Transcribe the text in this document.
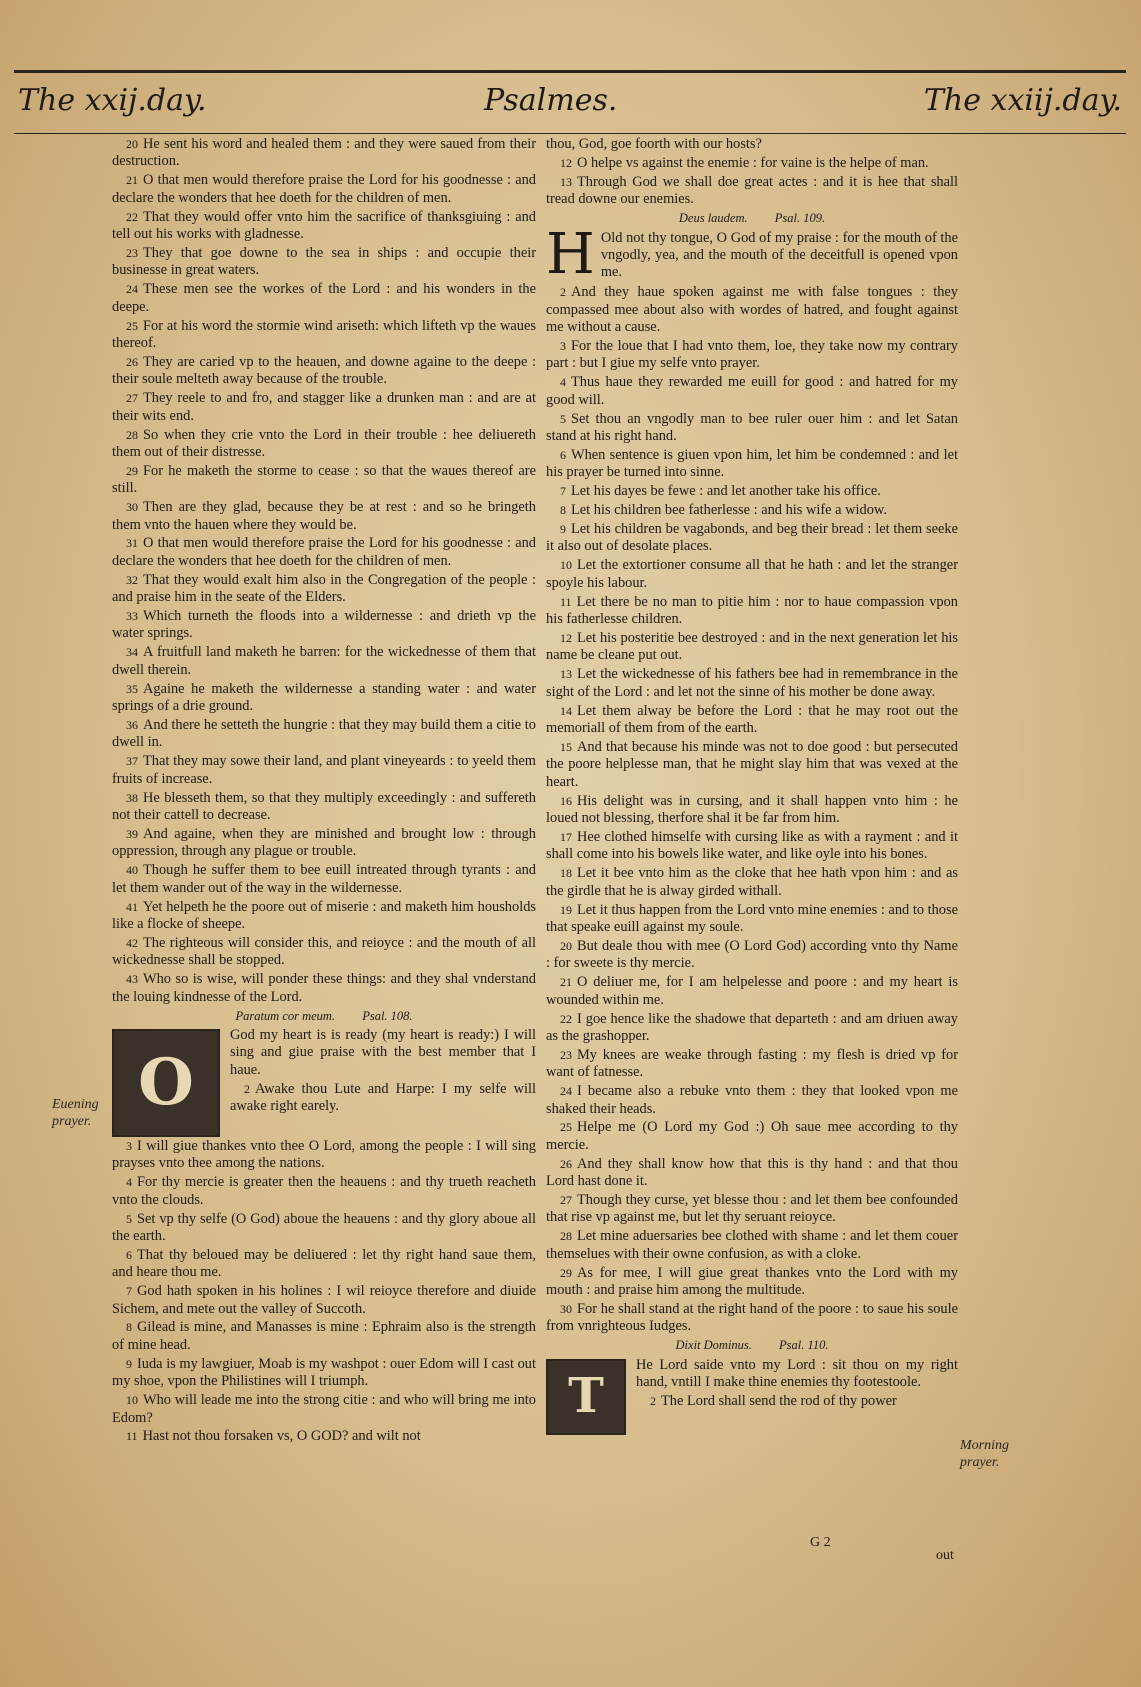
The xxij.day.	Psalmes.	The xxiij.day.

20 He sent his word and healed them : and they were saued from their destruction.

21 O that men would therefore praise the Lord for his goodnesse : and declare the wonders that hee doeth for the children of men.

22 That they would offer vnto him the sacrifice of thanksgiuing : and tell out his works with gladnesse.

23 They that goe downe to the sea in ships : and occupie their businesse in great waters.

24 These men see the workes of the Lord : and his wonders in the deepe.

25 For at his word the stormie wind ariseth: which lifteth vp the waues thereof.

26 They are caried vp to the heauen, and downe againe to the deepe : their soule melteth away because of the trouble.

27 They reele to and fro, and stagger like a drunken man : and are at their wits end.

28 So when they crie vnto the Lord in their trouble : hee deliuereth them out of their distresse.

29 For he maketh the storme to cease : so that the waues thereof are still.

30 Then are they glad, because they be at rest : and so he bringeth them vnto the hauen where they would be.

31 O that men would therefore praise the Lord for his goodnesse : and declare the wonders that hee doeth for the children of men.

32 That they would exalt him also in the Congregation of the people : and praise him in the seate of the Elders.

33 Which turneth the floods into a wildernesse : and drieth vp the water springs.

34 A fruitfull land maketh he barren: for the wickednesse of them that dwell therein.

35 Againe he maketh the wildernesse a standing water : and water springs of a drie ground.

36 And there he setteth the hungrie : that they may build them a citie to dwell in.

37 That they may sowe their land, and plant vineyeards : to yeeld them fruits of increase.

38 He blesseth them, so that they multiply exceedingly : and suffereth not their cattell to decrease.

39 And againe, when they are minished and brought low : through oppression, through any plague or trouble.

40 Though he suffer them to bee euill intreated through tyrants : and let them wander out of the way in the wildernesse.

41 Yet helpeth he the poore out of miserie : and maketh him housholds like a flocke of sheepe.

42 The righteous will consider this, and reioyce : and the mouth of all wickednesse shall be stopped.

43 Who so is wise, will ponder these things: and they shal vnderstand the louing kindnesse of the Lord.

Paratum cor meum. Psal. 108.
O

God my heart is is ready (my heart is ready:) I will sing and giue praise with the best member that I haue.

2 Awake thou Lute and Harpe: I my selfe will awake right earely.

3 I will giue thankes vnto thee O Lord, among the people : I will sing prayses vnto thee among the nations.

4 For thy mercie is greater then the heauens : and thy trueth reacheth vnto the clouds.

5 Set vp thy selfe (O God) aboue the heauens : and thy glory aboue all the earth.

6 That thy beloued may be deliuered : let thy right hand saue them, and heare thou me.

7 God hath spoken in his holines : I wil reioyce therefore and diuide Sichem, and mete out the valley of Succoth.

8 Gilead is mine, and Manasses is mine : Ephraim also is the strength of mine head.

9 Iuda is my lawgiuer, Moab is my washpot : ouer Edom will I cast out my shoe, vpon the Philistines will I triumph.

10 Who will leade me into the strong citie : and who will bring me into Edom?

11 Hast not thou forsaken vs, O GOD? and wilt not

thou, God, goe foorth with our hosts?

12 O helpe vs against the enemie : for vaine is the helpe of man.

13 Through God we shall doe great actes : and it is hee that shall tread downe our enemies.

Deus laudem. Psal. 109.
H Old not thy tongue, O God of my praise : for the mouth of the vngodly, yea, and the mouth of the deceitfull is opened vpon me.

2 And they haue spoken against me with false tongues : they compassed mee about also with wordes of hatred, and fought against me without a cause.

3 For the loue that I had vnto them, loe, they take now my contrary part : but I giue my selfe vnto prayer.

4 Thus haue they rewarded me euill for good : and hatred for my good will.

5 Set thou an vngodly man to bee ruler ouer him : and let Satan stand at his right hand.

6 When sentence is giuen vpon him, let him be condemned : and let his prayer be turned into sinne.

7 Let his dayes be fewe : and let another take his office.

8 Let his children bee fatherlesse : and his wife a widow.

9 Let his children be vagabonds, and beg their bread : let them seeke it also out of desolate places.

10 Let the extortioner consume all that he hath : and let the stranger spoyle his labour.

11 Let there be no man to pitie him : nor to haue compassion vpon his fatherlesse children.

12 Let his posteritie bee destroyed : and in the next generation let his name be cleane put out.

13 Let the wickednesse of his fathers bee had in remembrance in the sight of the Lord : and let not the sinne of his mother be done away.

14 Let them alway be before the Lord : that he may root out the memoriall of them from of the earth.

15 And that because his minde was not to doe good : but persecuted the poore helplesse man, that he might slay him that was vexed at the heart.

16 His delight was in cursing, and it shall happen vnto him : he loued not blessing, therfore shal it be far from him.

17 Hee clothed himselfe with cursing like as with a rayment : and it shall come into his bowels like water, and like oyle into his bones.

18 Let it bee vnto him as the cloke that hee hath vpon him : and as the girdle that he is alway girded withall.

19 Let it thus happen from the Lord vnto mine enemies : and to those that speake euill against my soule.

20 But deale thou with mee (O Lord God) according vnto thy Name : for sweete is thy mercie.

21 O deliuer me, for I am helpelesse and poore : and my heart is wounded within me.

22 I goe hence like the shadowe that departeth : and am driuen away as the grashopper.

23 My knees are weake through fasting : my flesh is dried vp for want of fatnesse.

24 I became also a rebuke vnto them : they that looked vpon me shaked their heads.

25 Helpe me (O Lord my God :) Oh saue mee according to thy mercie.

26 And they shall know how that this is thy hand : and that thou Lord hast done it.

27 Though they curse, yet blesse thou : and let them bee confounded that rise vp against me, but let thy seruant reioyce.

28 Let mine aduersaries bee clothed with shame : and let them couer themselues with their owne confusion, as with a cloke.

29 As for mee, I will giue great thankes vnto the Lord with my mouth : and praise him among the multitude.

30 For he shall stand at the right hand of the poore : to saue his soule from vnrighteous Iudges.

Dixit Dominus. Psal. 110.
T

He Lord saide vnto my Lord : sit thou on my right hand, vntill I make thine enemies thy footestoole.

2 The Lord shall send the rod of thy power

Euening prayer.
Morning prayer.
G 2
out
